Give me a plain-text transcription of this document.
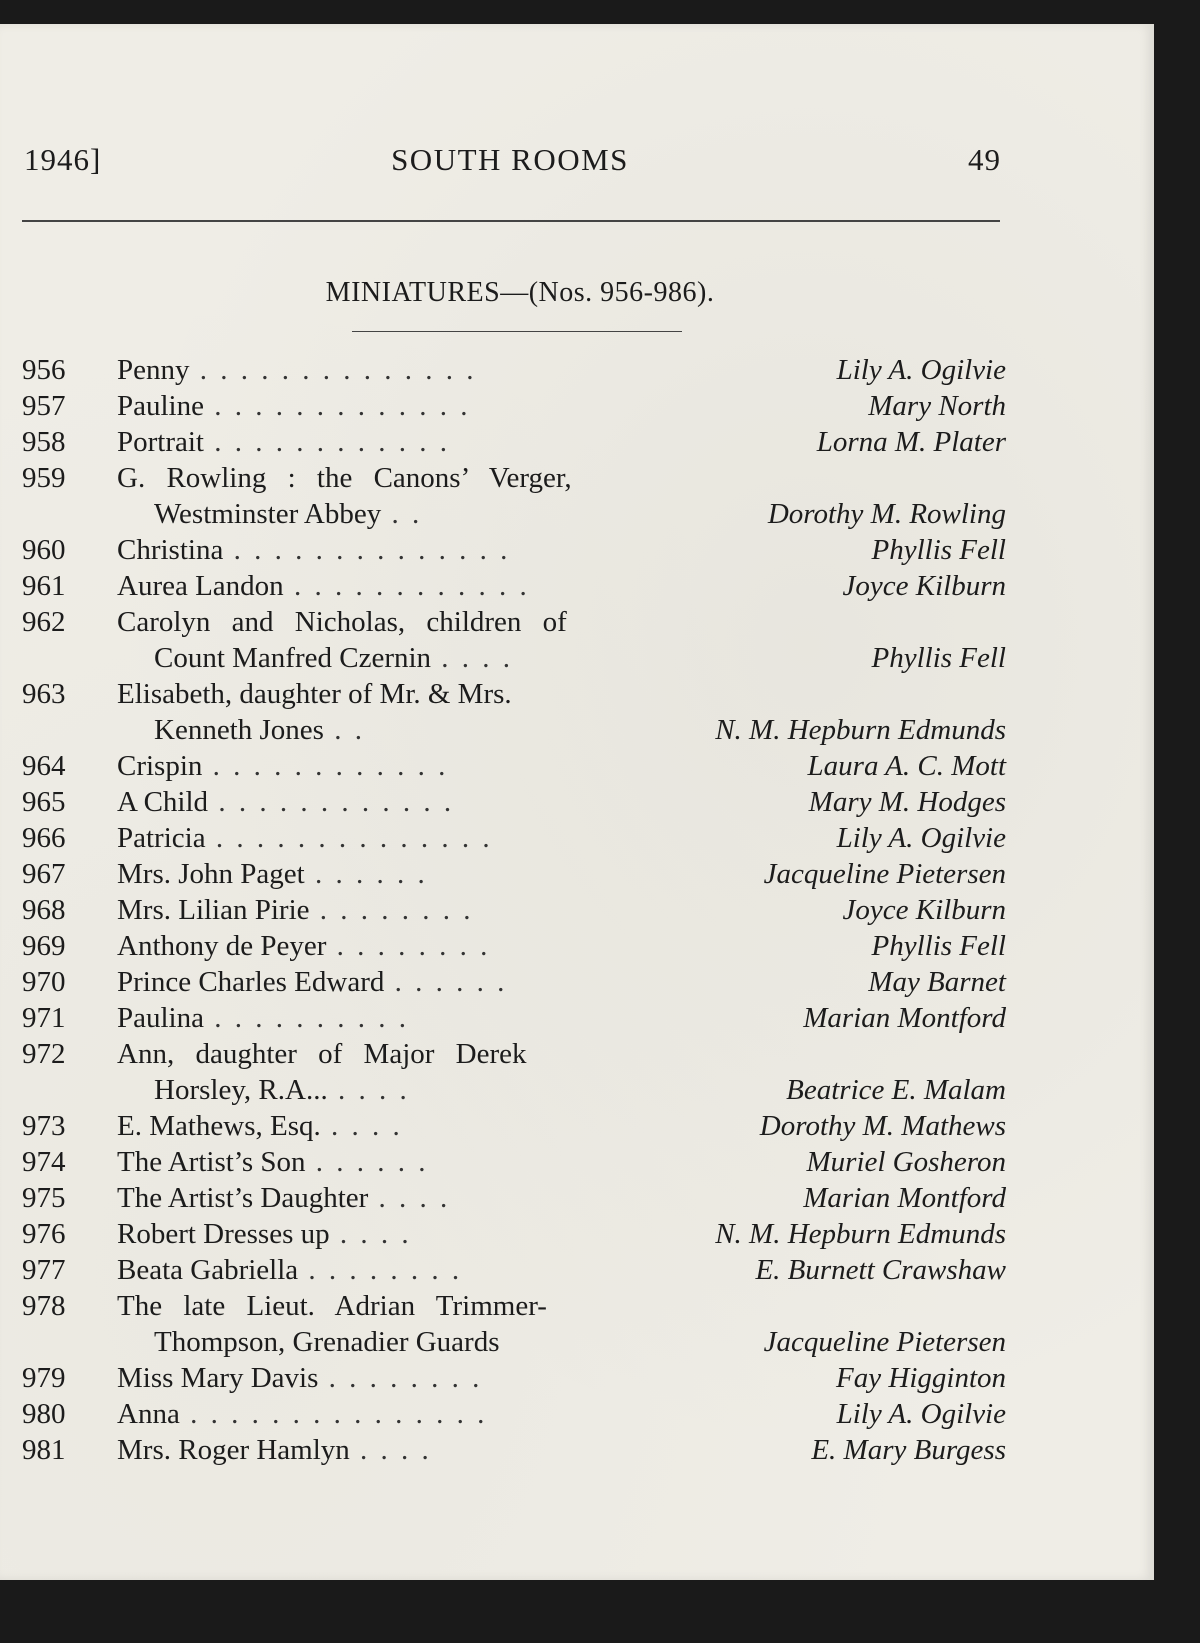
1946]	SOUTH ROOMS	49
MINIATURES—(Nos. 956-986).
956 Penny . . . . . . . . . . . . . .	Lily A. Ogilvie
957 Pauline . . . . . . . . . . . . .	Mary North
958 Portrait . . . . . . . . . . . .	Lorna M. Plater
959 G. Rowling : the Canons’ Verger,
Westminster Abbey . .	Dorothy M. Rowling
960 Christina . . . . . . . . . . . . . .	Phyllis Fell
961 Aurea Landon . . . . . . . . . . . .	Joyce Kilburn
962 Carolyn and Nicholas, children of
Count Manfred Czernin . . . .	Phyllis Fell
963 Elisabeth, daughter of Mr. & Mrs.
Kenneth Jones . .	N. M. Hepburn Edmunds
964 Crispin . . . . . . . . . . . .	Laura A. C. Mott
965 A Child . . . . . . . . . . . .	Mary M. Hodges
966 Patricia . . . . . . . . . . . . . .	Lily A. Ogilvie
967 Mrs. John Paget . . . . . .	Jacqueline Pietersen
968 Mrs. Lilian Pirie . . . . . . . .	Joyce Kilburn
969 Anthony de Peyer . . . . . . . .	Phyllis Fell
970 Prince Charles Edward . . . . . .	May Barnet
971 Paulina . . . . . . . . . .	Marian Montford
972 Ann, daughter of Major Derek
Horsley, R.A... . . . .	Beatrice E. Malam
973 E. Mathews, Esq. . . . .	Dorothy M. Mathews
974 The Artist’s Son . . . . . .	Muriel Gosheron
975 The Artist’s Daughter . . . .	Marian Montford
976 Robert Dresses up . . . .	N. M. Hepburn Edmunds
977 Beata Gabriella . . . . . . . .	E. Burnett Crawshaw
978 The late Lieut. Adrian Trimmer-
Thompson, Grenadier Guards	Jacqueline Pietersen
979 Miss Mary Davis . . . . . . . .	Fay Higginton
980 Anna . . . . . . . . . . . . . . .	Lily A. Ogilvie
981 Mrs. Roger Hamlyn . . . .	E. Mary Burgess
